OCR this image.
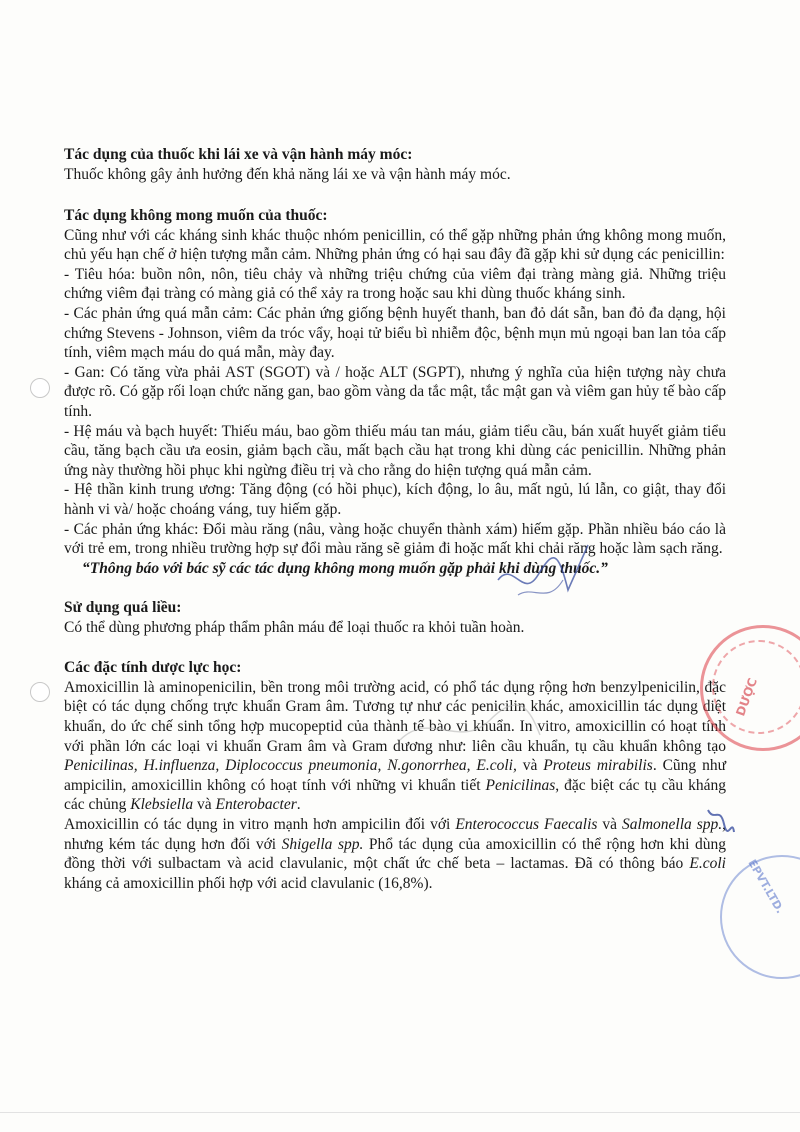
Tác dụng của thuốc khi lái xe và vận hành máy móc:

Thuốc không gây ảnh hưởng đến khả năng lái xe và vận hành máy móc.

Tác dụng không mong muốn của thuốc:

Cũng như với các kháng sinh khác thuộc nhóm penicillin, có thể gặp những phản ứng không mong muốn, chủ yếu hạn chế ở hiện tượng mẫn cảm. Những phản ứng có hại sau đây đã gặp khi sử dụng các penicillin:

- Tiêu hóa: buồn nôn, nôn, tiêu chảy và những triệu chứng của viêm đại tràng màng giả. Những triệu chứng viêm đại tràng có màng giả có thể xảy ra trong hoặc sau khi dùng thuốc kháng sinh.

- Các phản ứng quá mẫn cảm: Các phản ứng giống bệnh huyết thanh, ban đỏ dát sẫn, ban đỏ đa dạng, hội chứng Stevens - Johnson, viêm da tróc vẩy, hoại tử biểu bì nhiễm độc, bệnh mụn mủ ngoại ban lan tỏa cấp tính, viêm mạch máu do quá mẫn, mày đay.

- Gan: Có tăng vừa phải AST (SGOT) và / hoặc ALT (SGPT), nhưng ý nghĩa của hiện tượng này chưa được rõ. Có gặp rối loạn chức năng gan, bao gồm vàng da tắc mật, tắc mật gan và viêm gan hủy tế bào cấp tính.

- Hệ máu và bạch huyết: Thiếu máu, bao gồm thiếu máu tan máu, giảm tiểu cầu, bán xuất huyết giảm tiểu cầu, tăng bạch cầu ưa eosin, giảm bạch cầu, mất bạch cầu hạt trong khi dùng các penicillin. Những phản ứng này thường hồi phục khi ngừng điều trị và cho rằng do hiện tượng quá mẫn cảm.

- Hệ thần kinh trung ương: Tăng động (có hồi phục), kích động, lo âu, mất ngủ, lú lẫn, co giật, thay đổi hành vi và/ hoặc choáng váng, tuy hiếm gặp.

- Các phản ứng khác: Đổi màu răng (nâu, vàng hoặc chuyển thành xám) hiếm gặp. Phần nhiều báo cáo là với trẻ em, trong nhiều trường hợp sự đổi màu răng sẽ giảm đi hoặc mất khi chải răng hoặc làm sạch răng.

“Thông báo với bác sỹ các tác dụng không mong muốn gặp phải khi dùng thuốc.”

Sử dụng quá liều:

Có thể dùng phương pháp thẩm phân máu để loại thuốc ra khỏi tuần hoàn.

Các đặc tính dược lực học:

Amoxicillin là aminopenicilin, bền trong môi trường acid, có phổ tác dụng rộng hơn benzylpenicilin, đặc biệt có tác dụng chống trực khuẩn Gram âm. Tương tự như các penicilin khác, amoxicillin tác dụng diệt khuẩn, do ức chế sinh tổng hợp mucopeptid của thành tế bào vi khuẩn. In vitro, amoxicillin có hoạt tính với phần lớn các loại vi khuẩn Gram âm và Gram dương như: liên cầu khuẩn, tụ cầu khuẩn không tạo Penicilinas, H.influenza, Diplococcus pneumonia, N.gonorrhea, E.coli, và Proteus mirabilis. Cũng như ampicilin, amoxicillin không có hoạt tính với những vi khuẩn tiết Penicilinas, đặc biệt các tụ cầu kháng các chủng Klebsiella và Enterobacter.

Amoxicillin có tác dụng in vitro mạnh hơn ampicilin đối với Enterococcus Faecalis và Salmonella spp., nhưng kém tác dụng hơn đối với Shigella spp. Phổ tác dụng của amoxicillin có thể rộng hơn khi dùng đồng thời với sulbactam và acid clavulanic, một chất ức chế beta – lactamas. Đã có thông báo E.coli kháng cả amoxicillin phối hợp với acid clavulanic (16,8%).

DƯỢC
EPVT.LTD.
